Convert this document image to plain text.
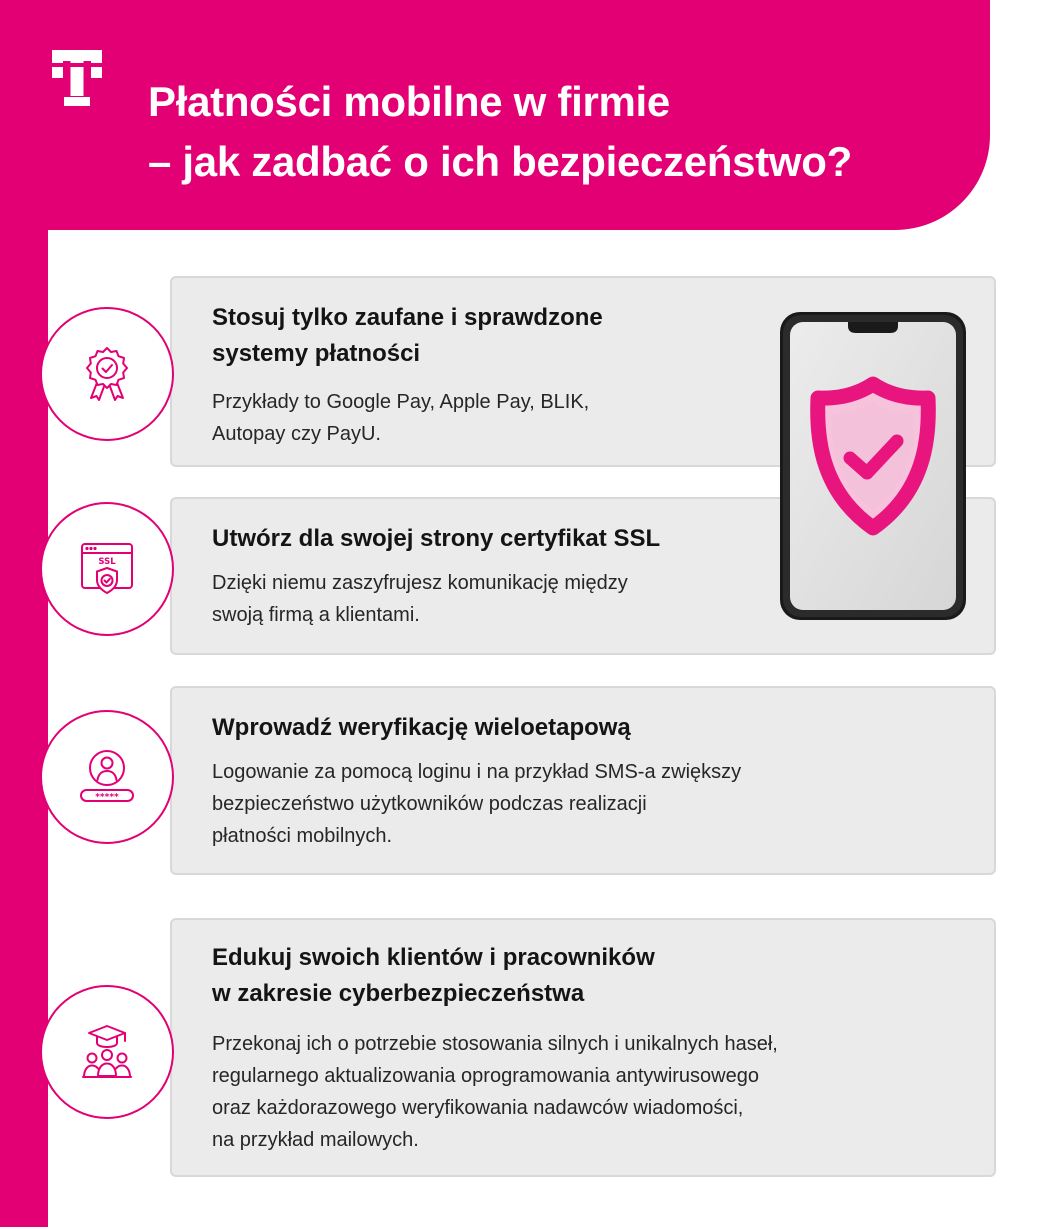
Płatności mobilne w firmie
– jak zadbać o ich bezpieczeństwo?
Stosuj tylko zaufane i sprawdzone
systemy płatności

Przykłady to Google Pay, Apple Pay, BLIK,
Autopay czy PayU.

Utwórz dla swojej strony certyfikat SSL

Dzięki niemu zaszyfrujesz komunikację między
swoją firmą a klientami.

Wprowadź weryfikację wieloetapową

Logowanie za pomocą loginu i na przykład SMS-a zwiększy
bezpieczeństwo użytkowników podczas realizacji
płatności mobilnych.

Edukuj swoich klientów i pracowników
w zakresie cyberbezpieczeństwa

Przekonaj ich o potrzebie stosowania silnych i unikalnych haseł,
regularnego aktualizowania oprogramowania antywirusowego
oraz każdorazowego weryfikowania nadawców wiadomości,
na przykład mailowych.

SSL
*****
